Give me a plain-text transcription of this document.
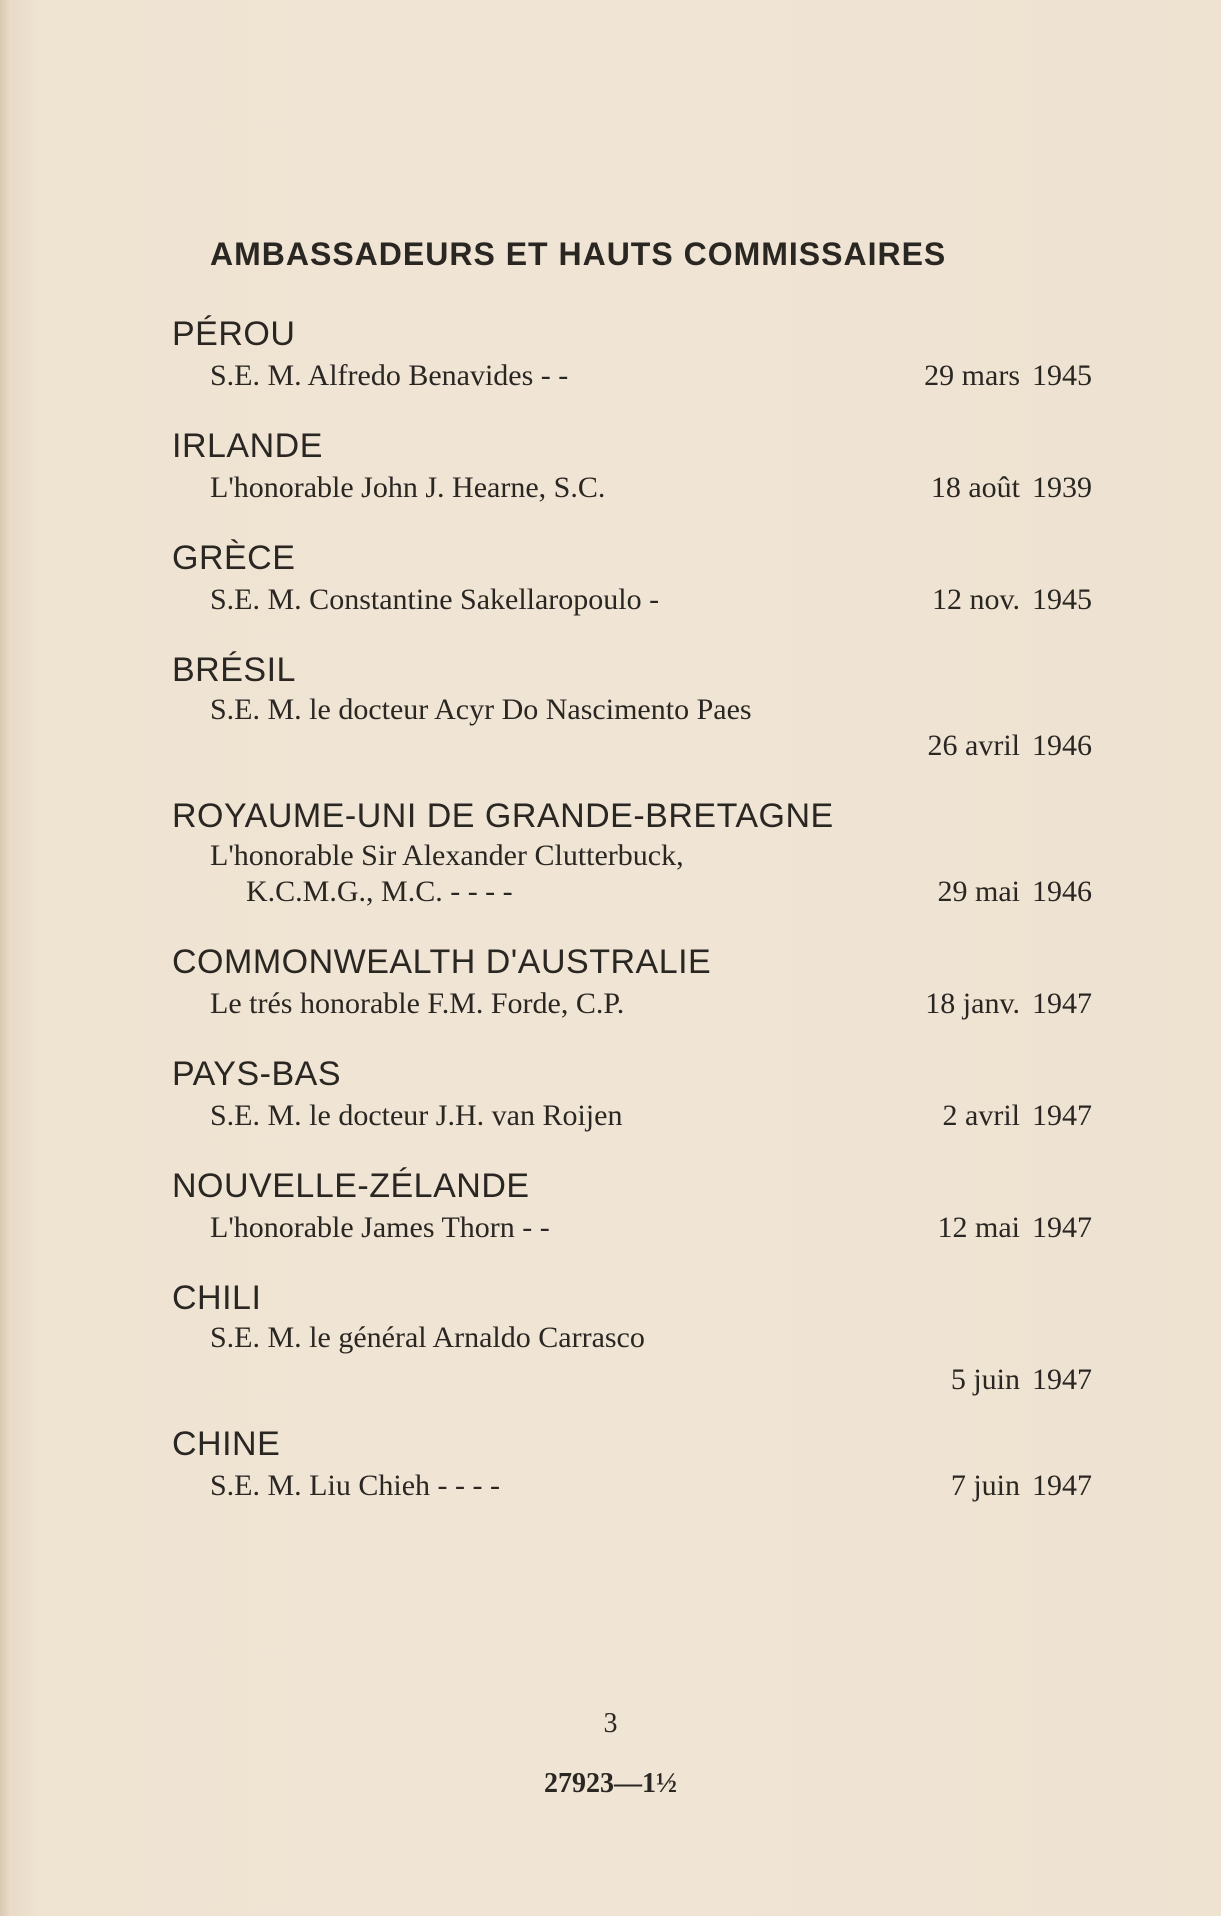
AMBASSADEURS ET HAUTS COMMISSAIRES
PÉROU
S.E. M. Alfredo Benavides - -	29 mars 1945
IRLANDE
L'honorable John J. Hearne, S.C.	18 août 1939
GRÈCE
S.E. M. Constantine Sakellaropoulo -	12 nov. 1945
BRÉSIL
S.E. M. le docteur Acyr Do Nascimento Paes
26 avril 1946
ROYAUME-UNI DE GRANDE-BRETAGNE
L'honorable Sir Alexander Clutterbuck,
K.C.M.G., M.C. - - - -	29 mai 1946
COMMONWEALTH D'AUSTRALIE
Le trés honorable F.M. Forde, C.P.	18 janv. 1947
PAYS-BAS
S.E. M. le docteur J.H. van Roijen	2 avril 1947
NOUVELLE-ZÉLANDE
L'honorable James Thorn - -	12 mai 1947
CHILI
S.E. M. le général Arnaldo Carrasco
5 juin 1947
CHINE
S.E. M. Liu Chieh - - - -	7 juin 1947
3
27923—1½
